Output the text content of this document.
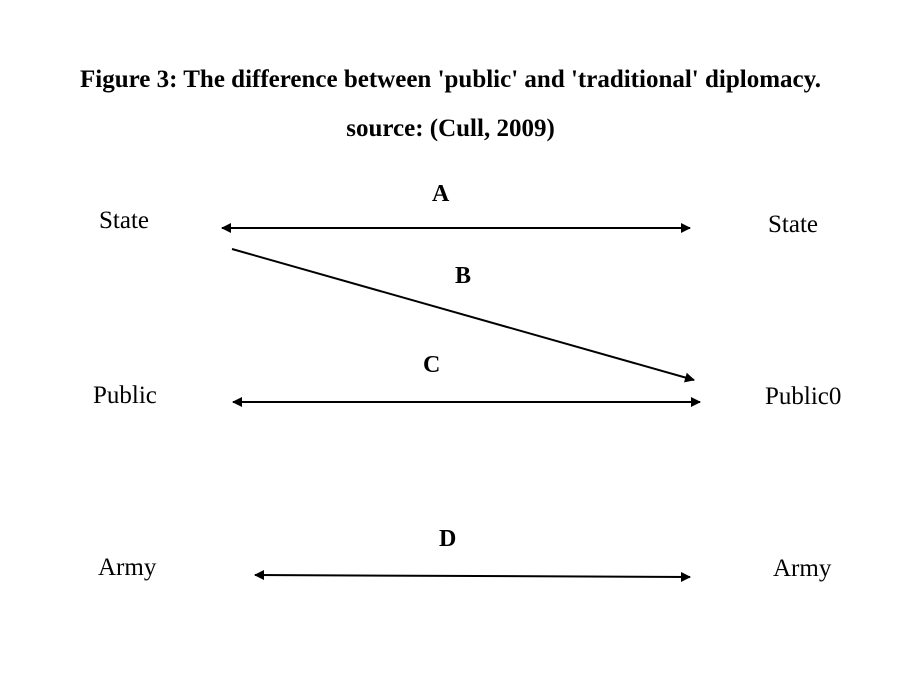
Figure 3: The difference between 'public' and 'traditional' diplomacy.
source: (Cull, 2009)
State	State
Public	Public0
Army	Army
A
B
C
D
